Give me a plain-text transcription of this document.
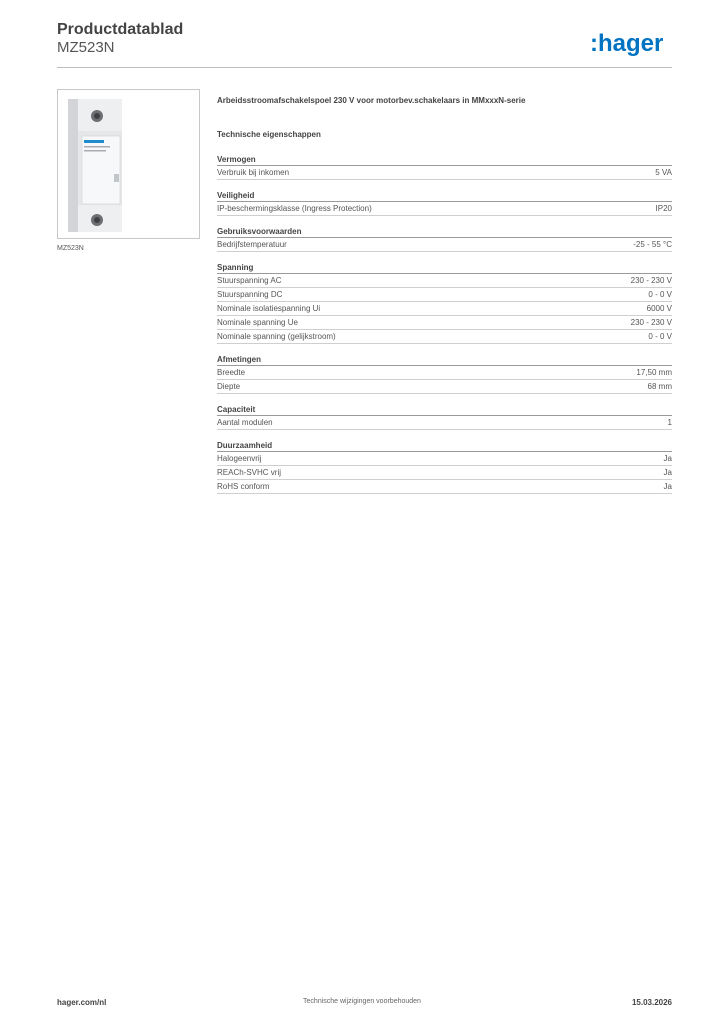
Productdatablad
MZ523N	:hager
MZ523N
Arbeidsstroomafschakelspoel 230 V voor motorbev.schakelaars in MMxxxN-serie
Technische eigenschappen
Vermogen
Verbruik bij inkomen	5 VA
Veiligheid
IP-beschermingsklasse (Ingress Protection)	IP20
Gebruiksvoorwaarden
Bedrijfstemperatuur	-25 - 55 °C
Spanning
Stuurspanning AC	230 - 230 V
Stuurspanning DC	0 - 0 V
Nominale isolatiespanning Ui	6000 V
Nominale spanning Ue	230 - 230 V
Nominale spanning (gelijkstroom)	0 - 0 V
Afmetingen
Breedte	17,50 mm
Diepte	68 mm
Capaciteit
Aantal modulen	1
Duurzaamheid
Halogeenvrij	Ja
REACh-SVHC vrij	Ja
RoHS conform	Ja
hager.com/nl	Technische wijzigingen voorbehouden	15.03.2026
